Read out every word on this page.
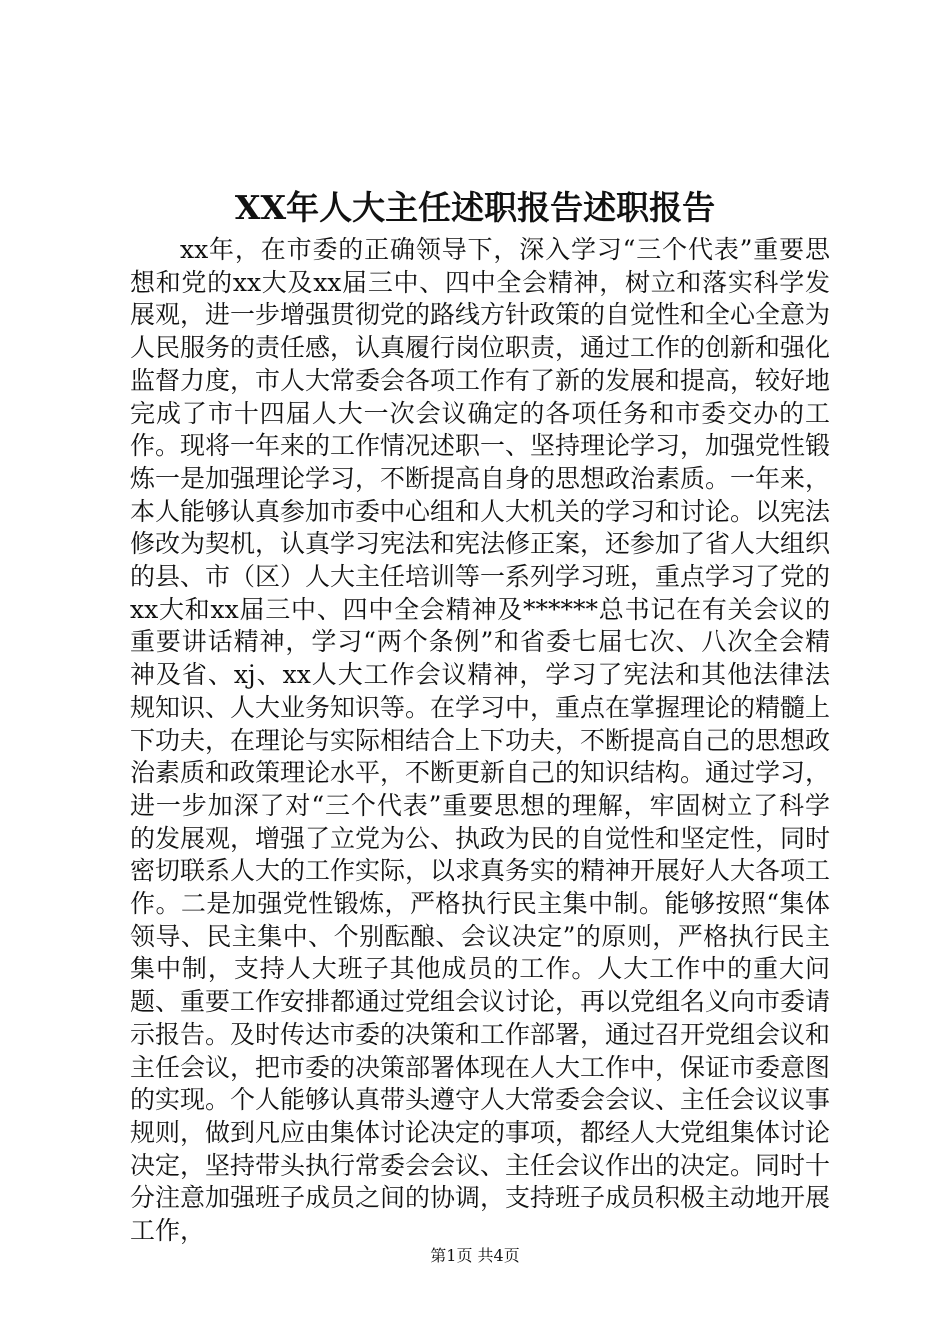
XX年人大主任述职报告述职报告

xx年，在市委的正确领导下，深入学习“三个代表”重要思想和党的xx大及xx届三中、四中全会精神，树立和落实科学发展观，进一步增强贯彻党的路线方针政策的自觉性和全心全意为人民服务的责任感，认真履行岗位职责，通过工作的创新和强化监督力度，市人大常委会各项工作有了新的发展和提高，较好地完成了市十四届人大一次会议确定的各项任务和市委交办的工作。现将一年来的工作情况述职一、坚持理论学习，加强党性锻炼一是加强理论学习，不断提高自身的思想政治素质。一年来，本人能够认真参加市委中心组和人大机关的学习和讨论。以宪法修改为契机，认真学习宪法和宪法修正案，还参加了省人大组织的县、市（区）人大主任培训等一系列学习班，重点学习了党的xx大和xx届三中、四中全会精神及******总书记在有关会议的重要讲话精神，学习“两个条例”和省委七届七次、八次全会精神及省、xj、xx人大工作会议精神，学习了宪法和其他法律法规知识、人大业务知识等。在学习中，重点在掌握理论的精髓上下功夫，在理论与实际相结合上下功夫，不断提高自己的思想政治素质和政策理论水平，不断更新自己的知识结构。通过学习，进一步加深了对“三个代表”重要思想的理解，牢固树立了科学的发展观，增强了立党为公、执政为民的自觉性和坚定性，同时密切联系人大的工作实际，以求真务实的精神开展好人大各项工作。二是加强党性锻炼，严格执行民主集中制。能够按照“集体领导、民主集中、个别酝酿、会议决定”的原则，严格执行民主集中制，支持人大班子其他成员的工作。人大工作中的重大问题、重要工作安排都通过党组会议讨论，再以党组名义向市委请示报告。及时传达市委的决策和工作部署，通过召开党组会议和主任会议，把市委的决策部署体现在人大工作中，保证市委意图的实现。个人能够认真带头遵守人大常委会会议、主任会议议事规则，做到凡应由集体讨论决定的事项，都经人大党组集体讨论决定，坚持带头执行常委会会议、主任会议作出的决定。同时十分注意加强班子成员之间的协调，支持班子成员积极主动地开展工作，

第1页 共4页
